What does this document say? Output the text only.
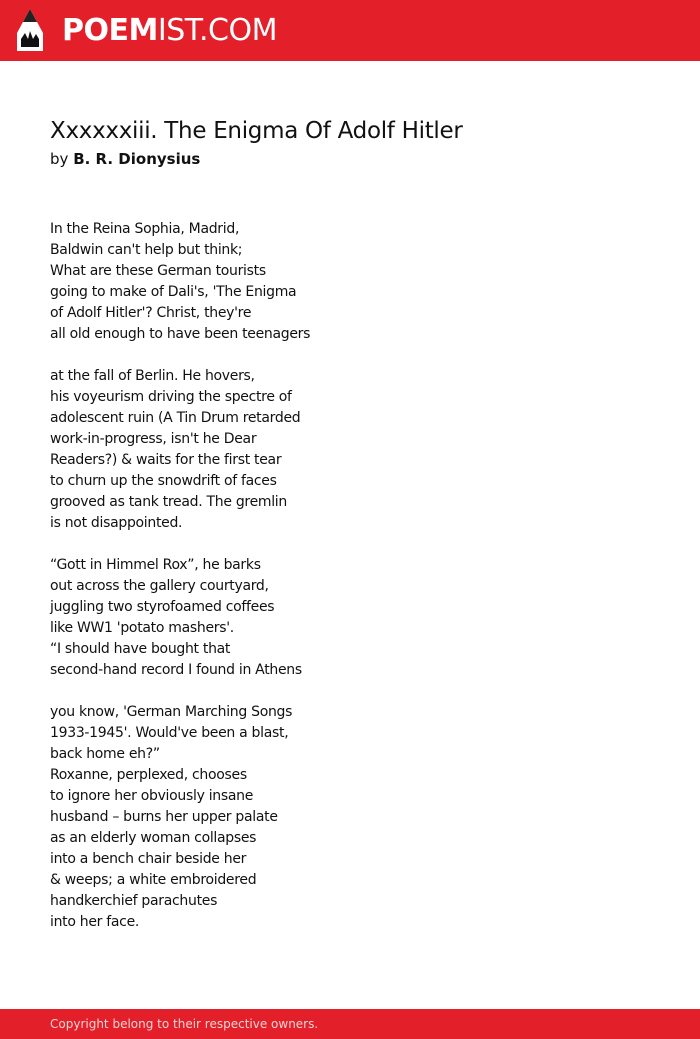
POEMIST.COM
Xxxxxxiii. The Enigma Of Adolf Hitler
by B. R. Dionysius
In the Reina Sophia, Madrid,
Baldwin can't help but think;
What are these German tourists
going to make of Dali's, 'The Enigma
of Adolf Hitler'? Christ, they're
all old enough to have been teenagers
at the fall of Berlin. He hovers,
his voyeurism driving the spectre of
adolescent ruin (A Tin Drum retarded
work-in-progress, isn't he Dear
Readers?) & waits for the first tear
to churn up the snowdrift of faces
grooved as tank tread. The gremlin
is not disappointed.
“Gott in Himmel Rox”, he barks
out across the gallery courtyard,
juggling two styrofoamed coffees
like WW1 'potato mashers'.
“I should have bought that
second-hand record I found in Athens
you know, 'German Marching Songs
1933-1945'. Would've been a blast,
back home eh?”
Roxanne, perplexed, chooses
to ignore her obviously insane
husband – burns her upper palate
as an elderly woman collapses
into a bench chair beside her
& weeps; a white embroidered
handkerchief parachutes
into her face.
Copyright belong to their respective owners.
